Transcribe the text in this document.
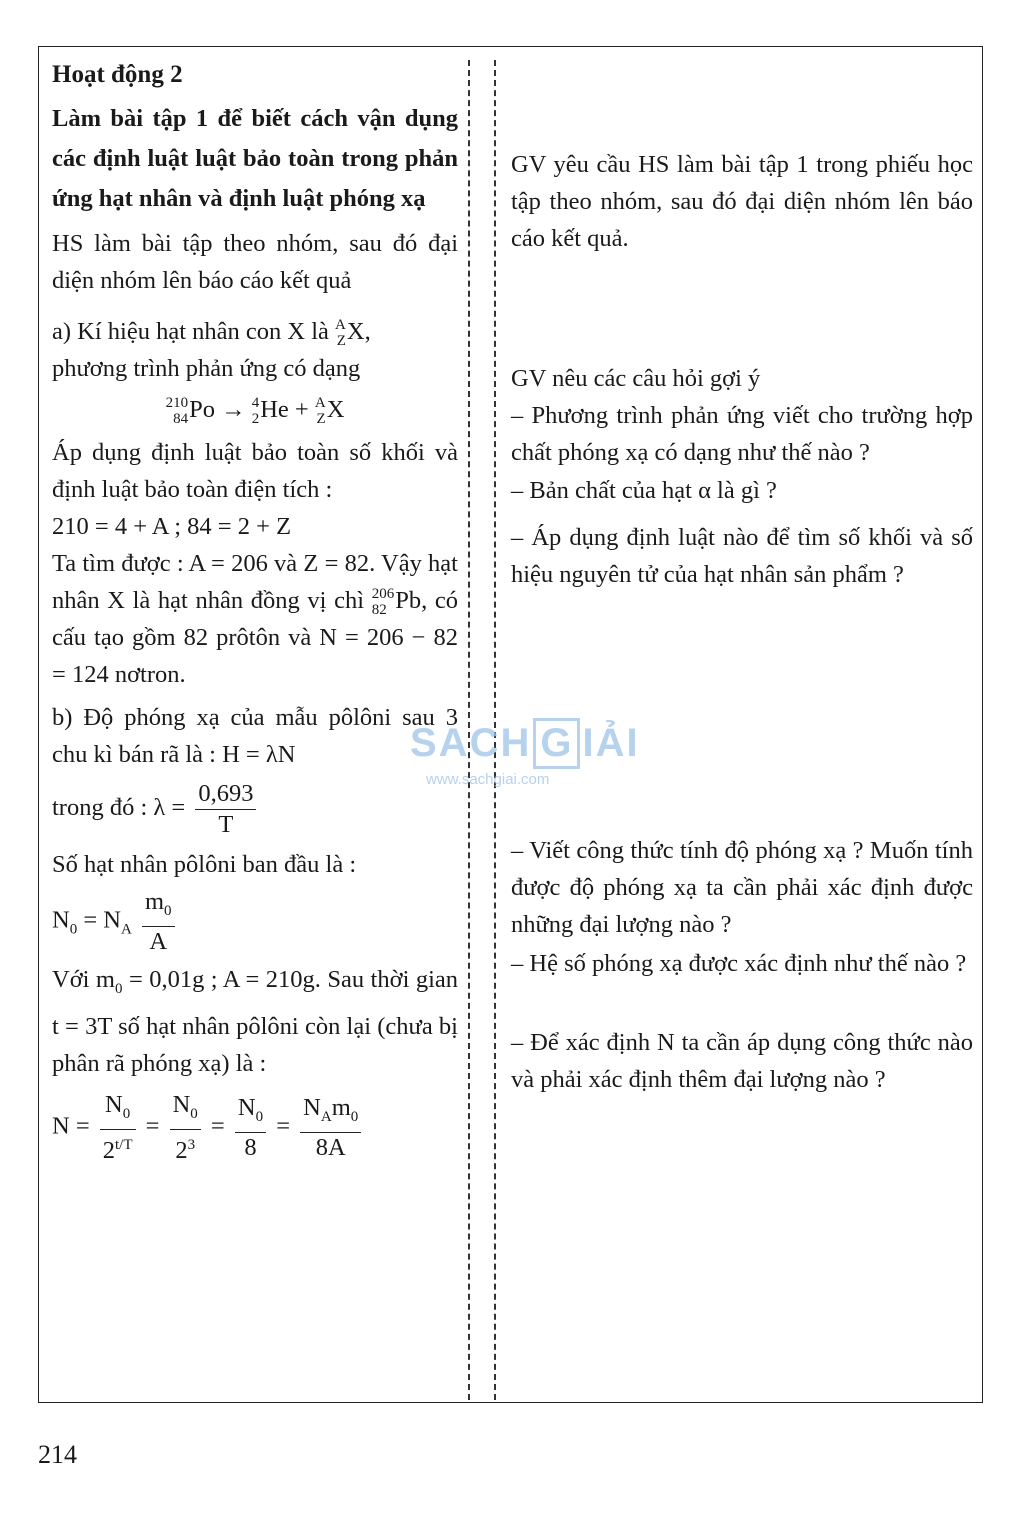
Hoạt động 2

Làm bài tập 1 để biết cách vận dụng các định luật luật bảo toàn trong phản ứng hạt nhân và định luật phóng xạ

HS làm bài tập theo nhóm, sau đó đại diện nhóm lên báo cáo kết quả

a) Kí hiệu hạt nhân con X là A
Z X,

phương trình phản ứng có dạng

210
84 Po → 4
2 He + A
Z X

Áp dụng định luật bảo toàn số khối và định luật bảo toàn điện tích :

210 = 4 + A ; 84 = 2 + Z

Ta tìm được : A = 206 và Z = 82. Vậy hạt nhân X là hạt nhân đồng vị chì 206
82 Pb, có cấu tạo gồm 82 prôtôn và N = 206 − 82 = 124 nơtron.

b) Độ phóng xạ của mẫu pôlôni sau 3 chu kì bán rã là : H = λN

trong đó : $\lambda = \frac{0,693}{T}$

Số hạt nhân pôlôni ban đầu là :

$N_0 = N_A \frac{m_0}{A}$

Với $m_0 = 0,01g$ ; A = 210g. Sau thời gian t = 3T số hạt nhân pôlôni còn lại (chưa bị phân rã phóng xạ) là :

$N = \frac{N_0}{2^{t/T}} = \frac{N_0}{2^3} = \frac{N_0}{8} = \frac{N_Am_0}{8A}$

GV yêu cầu HS làm bài tập 1 trong phiếu học tập theo nhóm, sau đó đại diện nhóm lên báo cáo kết quả.
GV nêu các câu hỏi gợi ý
– Phương trình phản ứng viết cho trường hợp chất phóng xạ có dạng như thế nào ?
– Bản chất của hạt α là gì ?
– Áp dụng định luật nào để tìm số khối và số hiệu nguyên tử của hạt nhân sản phẩm ?
– Viết công thức tính độ phóng xạ ? Muốn tính được độ phóng xạ ta cần phải xác định được những đại lượng nào ?
– Hệ số phóng xạ được xác định như thế nào ?
– Để xác định N ta cần áp dụng công thức nào và phải xác định thêm đại lượng nào ?
SACH G IẢI
www.sachgiai.com
214
